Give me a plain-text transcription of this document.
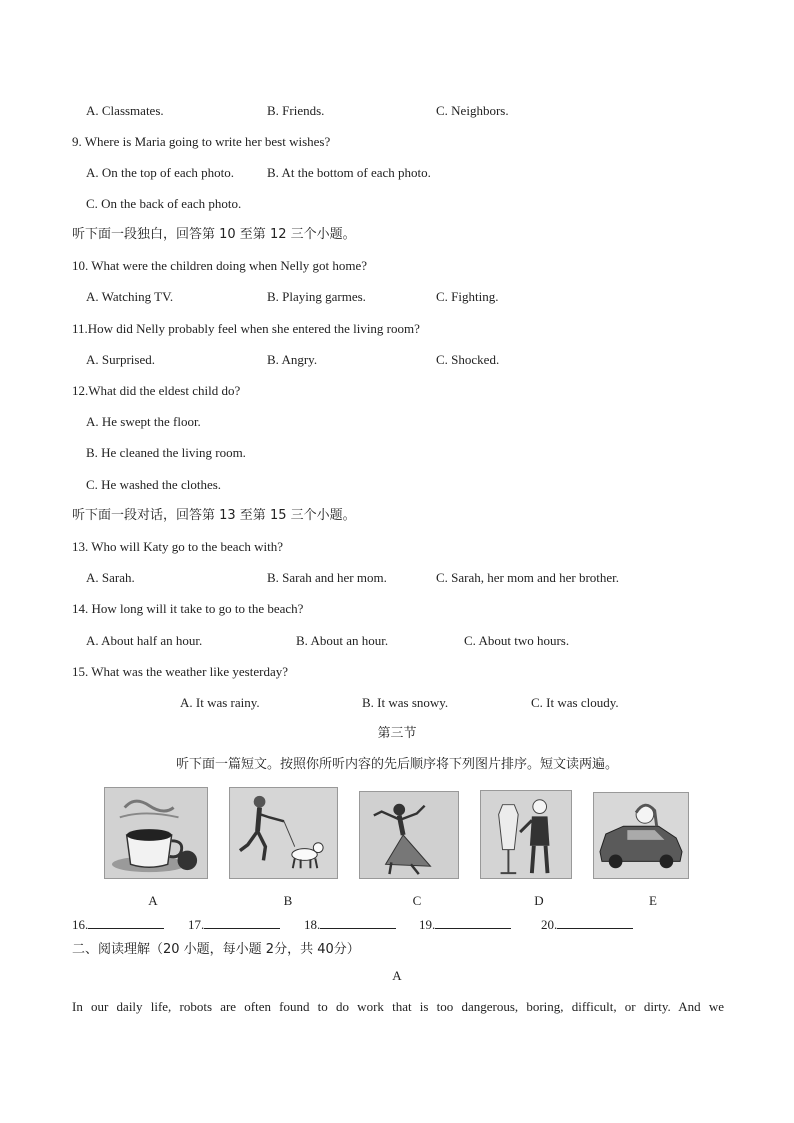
A. Classmates.	B. Friends.	C. Neighbors.
9. Where is Maria going to write her best wishes?
A. On the top of each photo.	B. At the bottom of each photo.
C. On the back of each photo.
听下面一段独白，回答第 10 至第 12 三个小题。
10. What were the children doing when Nelly got home?
A. Watching TV.	B. Playing garmes.	C. Fighting.
11.How did Nelly probably feel when she entered the living room?
A. Surprised.	B. Angry.	C. Shocked.
12.What did the eldest child do?
A. He swept the floor.
B. He cleaned the living room.
C. He washed the clothes.
听下面一段对话，回答第 13 至第 15 三个小题。
13. Who will Katy go to the beach with?
A. Sarah.	B. Sarah and her mom.	C. Sarah, her mom and her brother.
14. How long will it take to go to the beach?
A. About half an hour.	B. About an hour.	C. About two hours.
15. What was the weather like yesterday?
A. It was rainy.	B. It was snowy.	C. It was cloudy.
第三节
听下面一篇短文。按照你所听内容的先后顺序将下列图片排序。短文读两遍。
A	B	C	D	E
16.	17.	18.	19.	20.
二、阅读理解（20 小题，每小题 2分，共 40分）
A
In our daily life, robots are often found to do work that is too dangerous, boring, difficult, or dirty. And we
